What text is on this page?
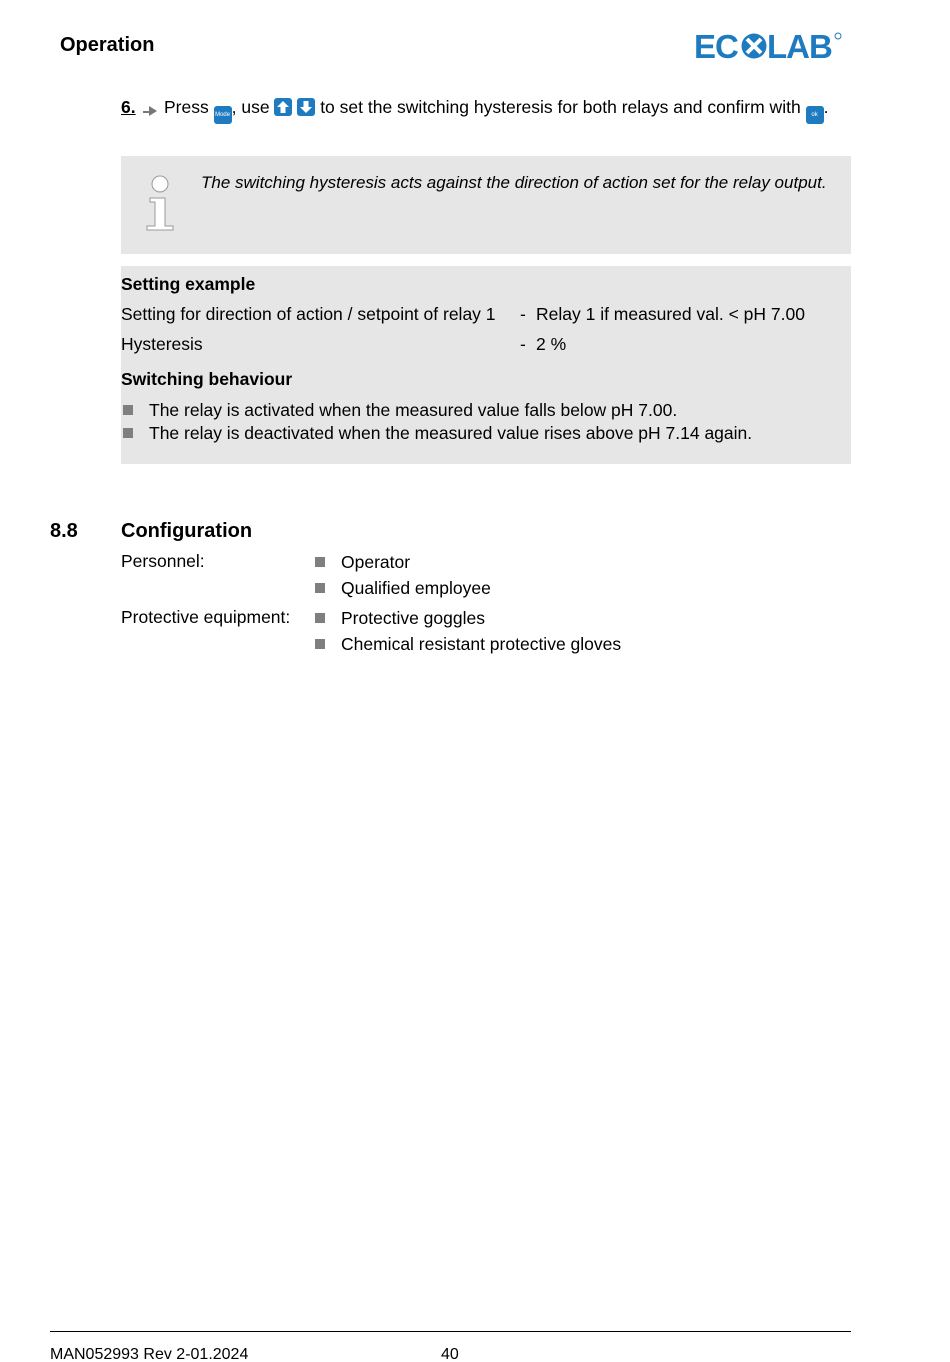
Operation	EC LAB
6. Press Mode, use
	to set the switching hysteresis for both relays and confirm with ok .
The switching hysteresis acts against the direction of action set for the relay output.
Setting example
Setting for direction of action / setpoint of relay 1 - Relay 1 if measured val. < pH 7.00
Hysteresis	- 2 %
Switching behaviour
The relay is activated when the measured value falls below pH 7.00.
The relay is deactivated when the measured value rises above pH 7.14 again.
8.8 Configuration
Personnel:	Operator
Qualified employee
Protective equipment:	Protective goggles
Chemical resistant protective gloves
MAN052993 Rev 2-01.2024	40
